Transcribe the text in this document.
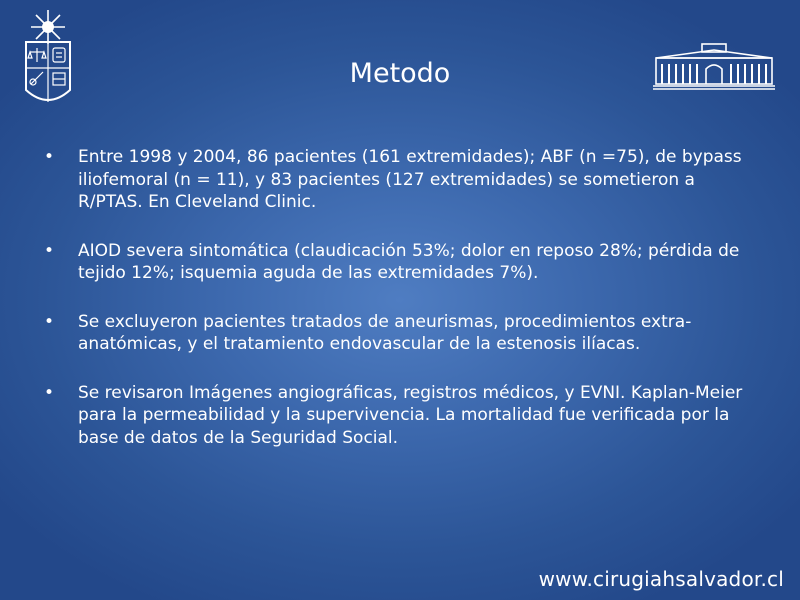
Metodo
• Entre 1998 y 2004, 86 pacientes (161 extremidades); ABF (n =75), de bypass iliofemoral (n = 11), y 83 pacientes (127 extremidades) se sometieron a R/PTAS. En Cleveland Clinic.
• AIOD severa sintomática (claudicación 53%; dolor en reposo 28%; pérdida de tejido 12%; isquemia aguda de las extremidades 7%).
• Se excluyeron pacientes tratados de aneurismas, procedimientos extra-anatómicas, y el tratamiento endovascular de la estenosis ilíacas.
• Se revisaron Imágenes angiográficas, registros médicos, y EVNI. Kaplan-Meier para la permeabilidad y la supervivencia. La mortalidad fue verificada por la base de datos de la Seguridad Social.
www.cirugiahsalvador.cl
